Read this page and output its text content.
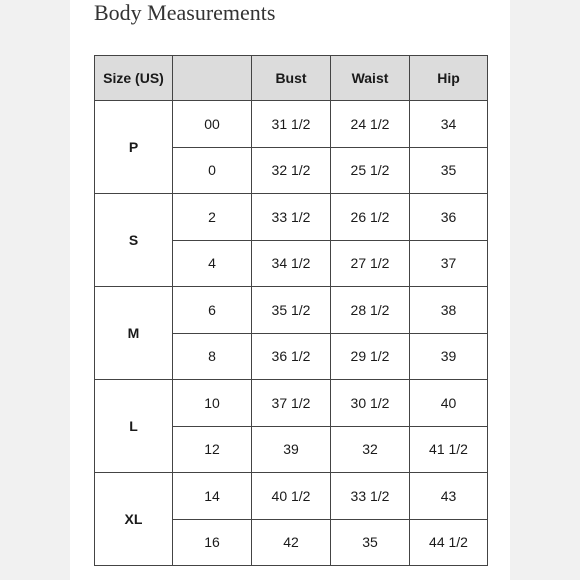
Body Measurements
Size (US)		Bust	Waist	Hip
P	00	31 1/2	24 1/2	34
	0	32 1/2	25 1/2	35
S	2	33 1/2	26 1/2	36
	4	34 1/2	27 1/2	37
M	6	35 1/2	28 1/2	38
	8	36 1/2	29 1/2	39
L	10	37 1/2	30 1/2	40
	12	39	32	41 1/2
XL	14	40 1/2	33 1/2	43
	16	42	35	44 1/2
